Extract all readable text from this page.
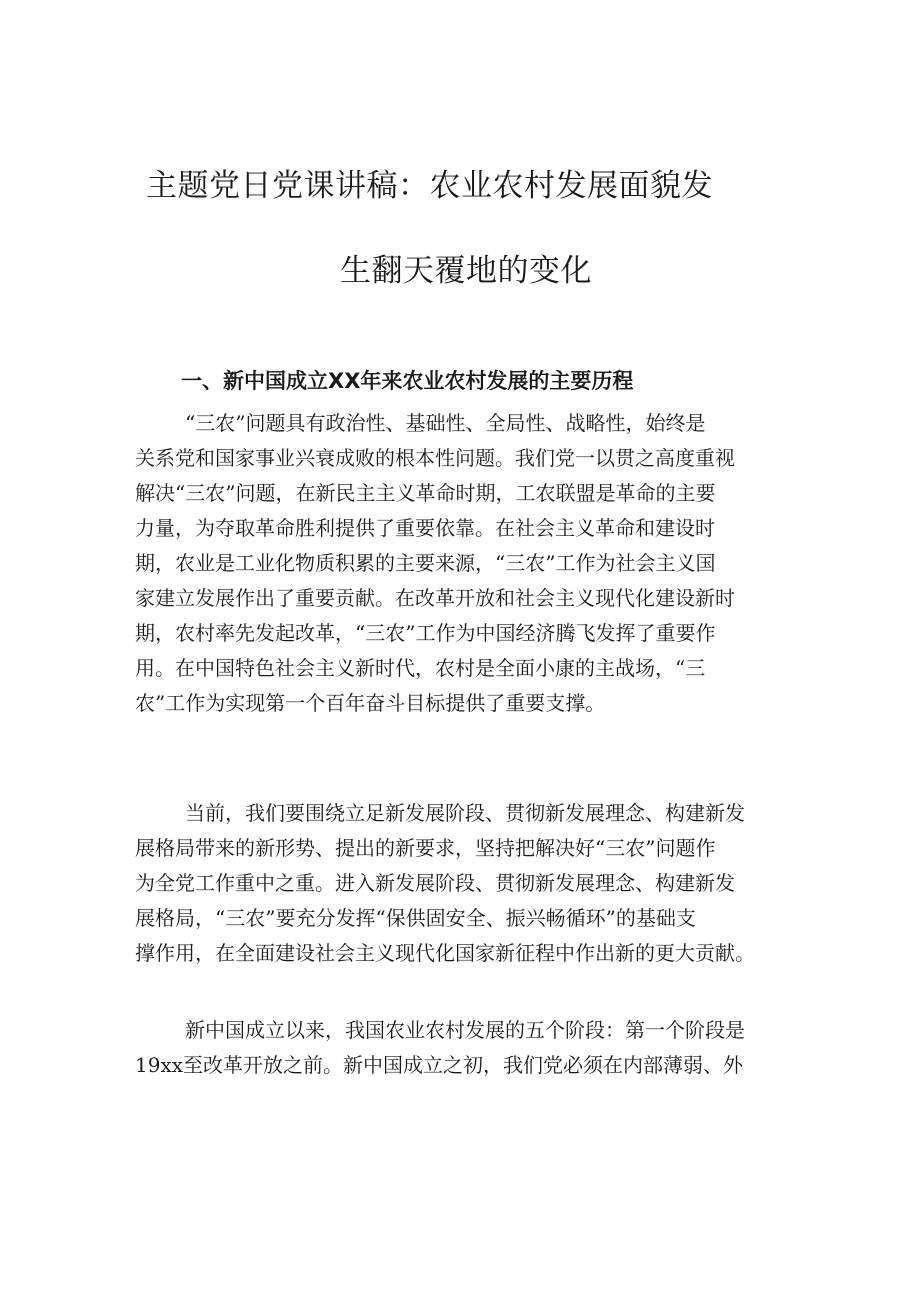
主题党日党课讲稿：农业农村发展面貌发
生翻天覆地的变化
一、新中国成立XX年来农业农村发展的主要历程
“三农”问题具有政治性、基础性、全局性、战略性，始终是
关系党和国家事业兴衰成败的根本性问题。我们党一以贯之高度重视
解决“三农”问题，在新民主主义革命时期，工农联盟是革命的主要
力量，为夺取革命胜利提供了重要依靠。在社会主义革命和建设时
期，农业是工业化物质积累的主要来源，“三农”工作为社会主义国
家建立发展作出了重要贡献。在改革开放和社会主义现代化建设新时
期，农村率先发起改革，“三农”工作为中国经济腾飞发挥了重要作
用。在中国特色社会主义新时代，农村是全面小康的主战场，“三
农”工作为实现第一个百年奋斗目标提供了重要支撑。
当前，我们要围绕立足新发展阶段、贯彻新发展理念、构建新发
展格局带来的新形势、提出的新要求，坚持把解决好“三农”问题作
为全党工作重中之重。进入新发展阶段、贯彻新发展理念、构建新发
展格局，“三农”要充分发挥“保供固安全、振兴畅循环”的基础支
撑作用，在全面建设社会主义现代化国家新征程中作出新的更大贡献。
新中国成立以来，我国农业农村发展的五个阶段：第一个阶段是
19xx至改革开放之前。新中国成立之初，我们党必须在内部薄弱、外
